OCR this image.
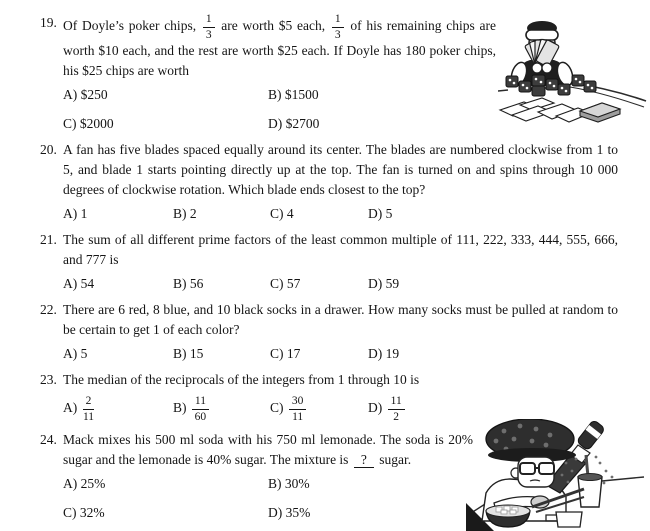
19. Of Doyle’s poker chips, $\frac{1}{3}$ are worth $5 each, $\frac{1}{3}$ of his remaining chips are worth $10 each, and the rest are worth $25 each. If Doyle has 180 poker chips, his $25 chips are worth
A) $250	B) $1500
C) $2000	D) $2700
20. A fan has five blades spaced equally around its center. The blades are numbered clockwise from 1 to 5, and blade 1 starts pointing directly up at the top. The fan is turned on and spins through 10 000 degrees of clockwise rotation. Which blade ends closest to the top?
A) 1	B) 2	C) 4	D) 5
21. The sum of all different prime factors of the least common multiple of 111, 222, 333, 444, 555, 666, and 777 is
A) 54	B) 56	C) 57	D) 59
22. There are 6 red, 8 blue, and 10 black socks in a drawer. How many socks must be pulled at random to be certain to get 1 of each color?
A) 5	B) 15	C) 17	D) 19
23. The median of the reciprocals of the integers from 1 through 10 is
$A) \frac{2}{11}$	$B) \frac{11}{60}$	$C) \frac{30}{11}$	$D) \frac{11}{2}$
24. Mack mixes his 500 ml soda with his 750 ml lemonade. The soda is 20% sugar and the lemonade is 40% sugar. The mixture is ? sugar.
A) 25%	B) 30%
C) 32%	D) 35%
